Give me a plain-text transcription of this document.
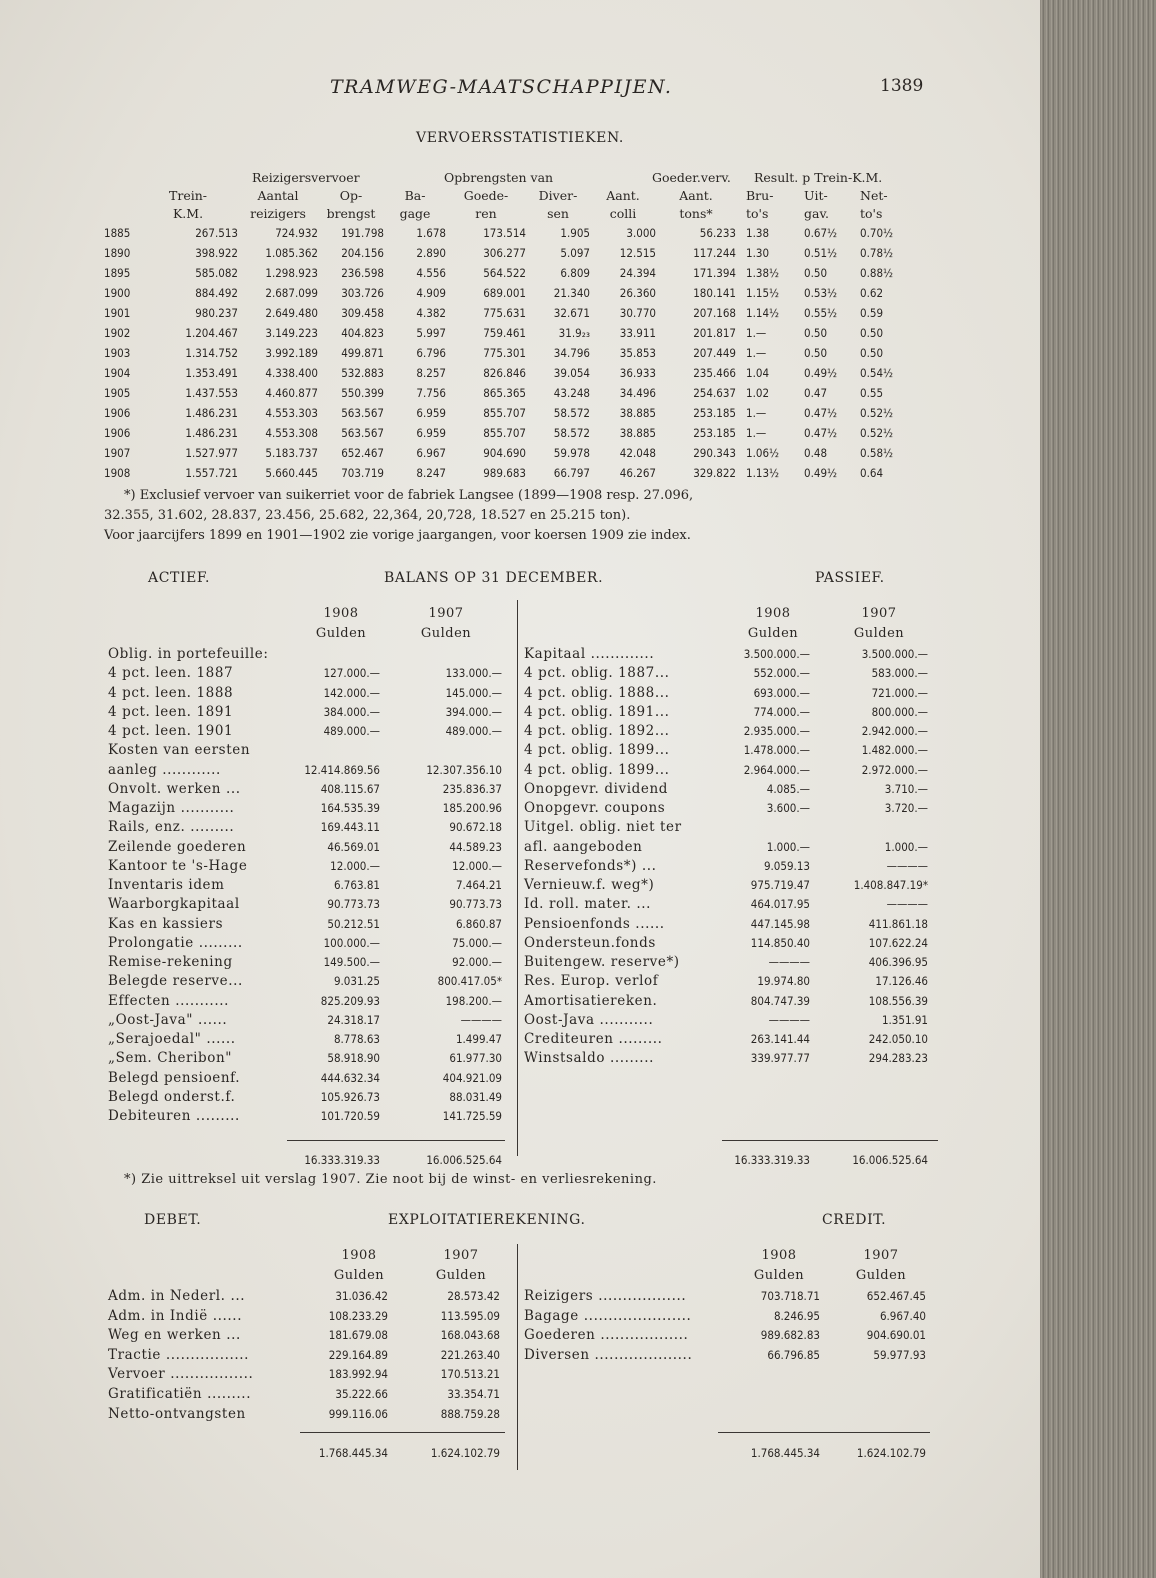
TRAMWEG-MAATSCHAPPIJEN.	1389
VERVOERSSTATISTIEKEN.
Reizigersvervoer	Opbrengsten van	Goeder.verv. Result. p Trein-K.M.
Trein-	Aantal	Op-	Ba-	Goede-	Diver-	Aant.	Aant.	Bru-	Uit-	Net-
K.M.	reizigers	brengst	gage	ren	sen	colli	tons*	to's	gav.	to's
1885	267.513	724.932	191.798	1.678	173.514	1.905	3.000	56.233 1.38	0.67½	0.70½
1890	398.922	1.085.362	204.156	2.890	306.277	5.097	12.515	117.244 1.30	0.51½	0.78½
1895	585.082	1.298.923	236.598	4.556	564.522	6.809	24.394	171.394 1.38½	0.50	0.88½
1900	884.492	2.687.099	303.726	4.909	689.001	21.340	26.360	180.141 1.15½	0.53½	0.62
1901	980.237	2.649.480	309.458	4.382	775.631	32.671	30.770	207.168 1.14½	0.55½	0.59
1902	1.204.467	3.149.223	404.823	5.997	759.461	31.9₂₃	33.911	201.817 1.—	0.50	0.50
1903	1.314.752	3.992.189	499.871	6.796	775.301	34.796	35.853	207.449 1.—	0.50	0.50
1904	1.353.491	4.338.400	532.883	8.257	826.846	39.054	36.933	235.466 1.04	0.49½	0.54½
1905	1.437.553	4.460.877	550.399	7.756	865.365	43.248	34.496	254.637 1.02	0.47	0.55
1906	1.486.231	4.553.303	563.567	6.959	855.707	58.572	38.885	253.185 1.—	0.47½	0.52½
1906	1.486.231	4.553.308	563.567	6.959	855.707	58.572	38.885	253.185 1.—	0.47½	0.52½
1907	1.527.977	5.183.737	652.467	6.967	904.690	59.978	42.048	290.343 1.06½	0.48	0.58½
1908	1.557.721	5.660.445	703.719	8.247	989.683	66.797	46.267	329.822 1.13½	0.49½	0.64
*) Exclusief vervoer van suikerriet voor de fabriek Langsee (1899—1908 resp. 27.096,
32.355, 31.602, 28.837, 23.456, 25.682, 22,364, 20,728, 18.527 en 25.215 ton).
Voor jaarcijfers 1899 en 1901—1902 zie vorige jaargangen, voor koersen 1909 zie index.
ACTIEF.	BALANS OP 31 DECEMBER.	PASSIEF.
1908	1907
Gulden	Gulden
1908	1907
Gulden	Gulden
Oblig. in portefeuille:
4 pct. leen. 1887	127.000.—	133.000.—
4 pct. leen. 1888	142.000.—	145.000.—
4 pct. leen. 1891	384.000.—	394.000.—
4 pct. leen. 1901	489.000.—	489.000.—
Kosten van eersten
aanleg ............	12.414.869.56	12.307.356.10
Onvolt. werken ...	408.115.67	235.836.37
Magazijn ...........	164.535.39	185.200.96
Rails, enz. .........	169.443.11	90.672.18
Zeilende goederen	46.569.01	44.589.23
Kantoor te 's-Hage	12.000.—	12.000.—
Inventaris idem	6.763.81	7.464.21
Waarborgkapitaal	90.773.73	90.773.73
Kas en kassiers	50.212.51	6.860.87
Prolongatie .........	100.000.—	75.000.—
Remise-rekening	149.500.—	92.000.—
Belegde reserve...	9.031.25	800.417.05*
Effecten ...........	825.209.93	198.200.—
„Oost-Java" ......	24.318.17	————
„Serajoedal" ......	8.778.63	1.499.47
„Sem. Cheribon"	58.918.90	61.977.30
Belegd pensioenf.	444.632.34	404.921.09
Belegd onderst.f.	105.926.73	88.031.49
Debiteuren .........	101.720.59	141.725.59
Kapitaal .............	3.500.000.—	3.500.000.—
4 pct. oblig. 1887...	552.000.—	583.000.—
4 pct. oblig. 1888...	693.000.—	721.000.—
4 pct. oblig. 1891...	774.000.—	800.000.—
4 pct. oblig. 1892...	2.935.000.—	2.942.000.—
4 pct. oblig. 1899...	1.478.000.—	1.482.000.—
4 pct. oblig. 1899...	2.964.000.—	2.972.000.—
Onopgevr. dividend	4.085.—	3.710.—
Onopgevr. coupons	3.600.—	3.720.—
Uitgel. oblig. niet ter
afl. aangeboden	1.000.—	1.000.—
Reservefonds*) ...	9.059.13	————
Vernieuw.f. weg*)	975.719.47	1.408.847.19*
Id. roll. mater. ...	464.017.95	————
Pensioenfonds ......	447.145.98	411.861.18
Ondersteun.fonds	114.850.40	107.622.24
Buitengew. reserve*)	————	406.396.95
Res. Europ. verlof	19.974.80	17.126.46
Amortisatiereken.	804.747.39	108.556.39
Oost-Java ...........	————	1.351.91
Crediteuren .........	263.141.44	242.050.10
Winstsaldo .........	339.977.77	294.283.23
16.333.319.33	16.006.525.64	16.333.319.33	16.006.525.64
*) Zie uittreksel uit verslag 1907. Zie noot bij de winst- en verliesrekening.
DEBET.	EXPLOITATIEREKENING.	CREDIT.
1908	1907
Gulden	Gulden
1908	1907
Gulden	Gulden
Adm. in Nederl. ...	31.036.42	28.573.42
Adm. in Indië ......	108.233.29	113.595.09
Weg en werken ...	181.679.08	168.043.68
Tractie .................	229.164.89	221.263.40
Vervoer .................	183.992.94	170.513.21
Gratificatiën .........	35.222.66	33.354.71
Netto-ontvangsten	999.116.06	888.759.28
Reizigers ..................	703.718.71	652.467.45
Bagage ......................	8.246.95	6.967.40
Goederen ..................	989.682.83	904.690.01
Diversen ....................	66.796.85	59.977.93
1.768.445.34	1.624.102.79	1.768.445.34	1.624.102.79
